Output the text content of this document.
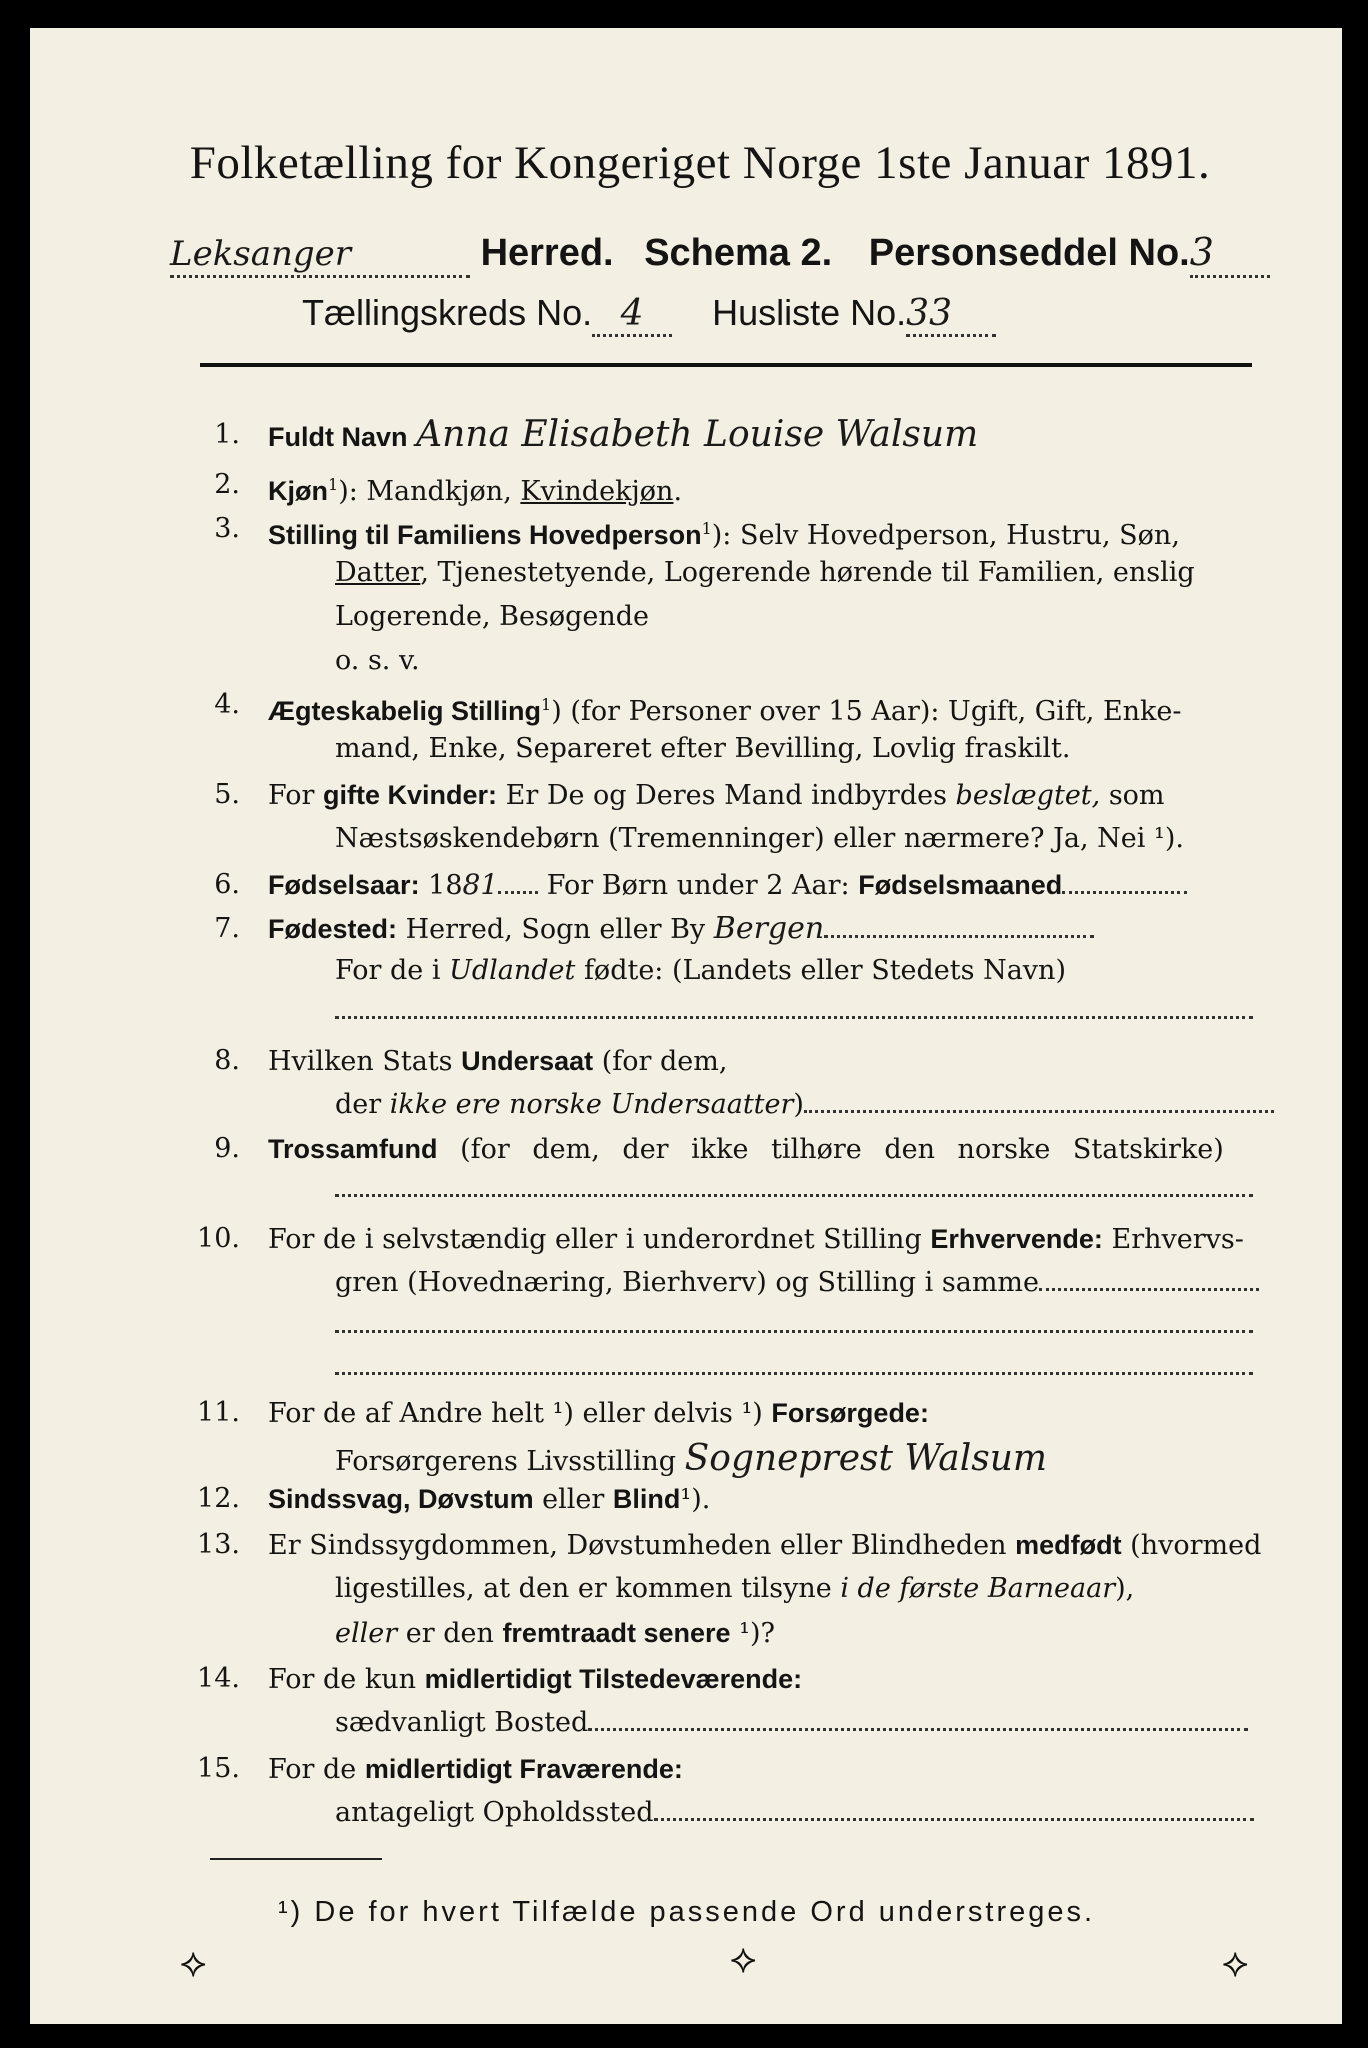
Folketælling for Kongeriget Norge 1ste Januar 1891.
Leksanger	Herred. Schema 2. Personseddel No.3
Tællingskreds No. 4 Husliste No.33
1. Fuldt Navn Anna Elisabeth Louise Walsum
2. Kjøn$^1$): Mandkjøn, Kvindekjøn.
3. Stilling til Familiens Hovedperson$^1$): Selv Hovedperson, Hustru, Søn,
Datter, Tjenestetyende, Logerende hørende til Familien, enslig
Logerende, Besøgende
o. s. v.
4. Ægteskabelig Stilling$^1$) (for Personer over 15 Aar): Ugift, Gift, Enke-
mand, Enke, Separeret efter Bevilling, Lovlig fraskilt.
5. For gifte Kvinder: Er De og Deres Mand indbyrdes beslægtet, som
Næstsøskendebørn (Tremenninger) eller nærmere? Ja, Nei ¹).
6. Fødselsaar: 1881 For Børn under 2 Aar: Fødselsmaaned
7. Fødested: Herred, Sogn eller By Bergen
For de i Udlandet fødte: (Landets eller Stedets Navn)
8. Hvilken Stats Undersaat (for dem,
der ikke ere norske Undersaatter)
9. Trossamfund (for dem, der ikke tilhøre den norske Statskirke)
10. For de i selvstændig eller i underordnet Stilling Erhvervende: Erhvervs-
gren (Hovednæring, Bierhverv) og Stilling i samme
11. For de af Andre helt ¹) eller delvis ¹) Forsørgede:
Forsørgerens Livsstilling Sogneprest Walsum
12. Sindssvag, Døvstum eller Blind¹).
13. Er Sindssygdommen, Døvstumheden eller Blindheden medfødt (hvormed
ligestilles, at den er kommen tilsyne i de første Barneaar),
eller er den fremtraadt senere ¹)?
14. For de kun midlertidigt Tilstedeværende:
sædvanligt Bosted
15. For de midlertidigt Fraværende:
antageligt Opholdssted
¹) De for hvert Tilfælde passende Ord understreges.
⟡	⟡	⟡
